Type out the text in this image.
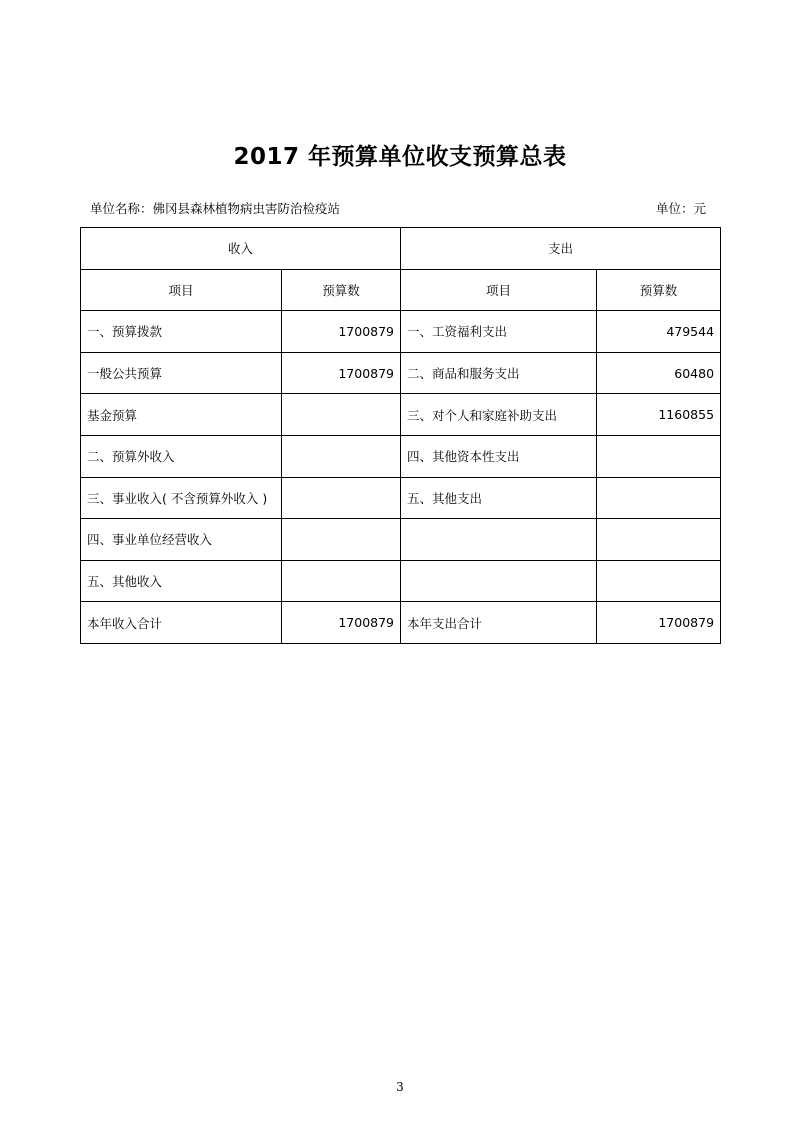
2017 年预算单位收支预算总表
单位名称：佛冈县森林植物病虫害防治检疫站	单位：元
收入		支出	
项目	预算数	项目	预算数
一、预算拨款	1700879	一、工资福利支出	479544
一般公共预算	1700879	二、商品和服务支出	60480
基金预算		三、对个人和家庭补助支出	1160855
二、预算外收入		四、其他资本性支出	
三、事业收入( 不含预算外收入 )		五、其他支出	
四、事业单位经营收入			
五、其他收入			
本年收入合计	1700879	本年支出合计	1700879
3
